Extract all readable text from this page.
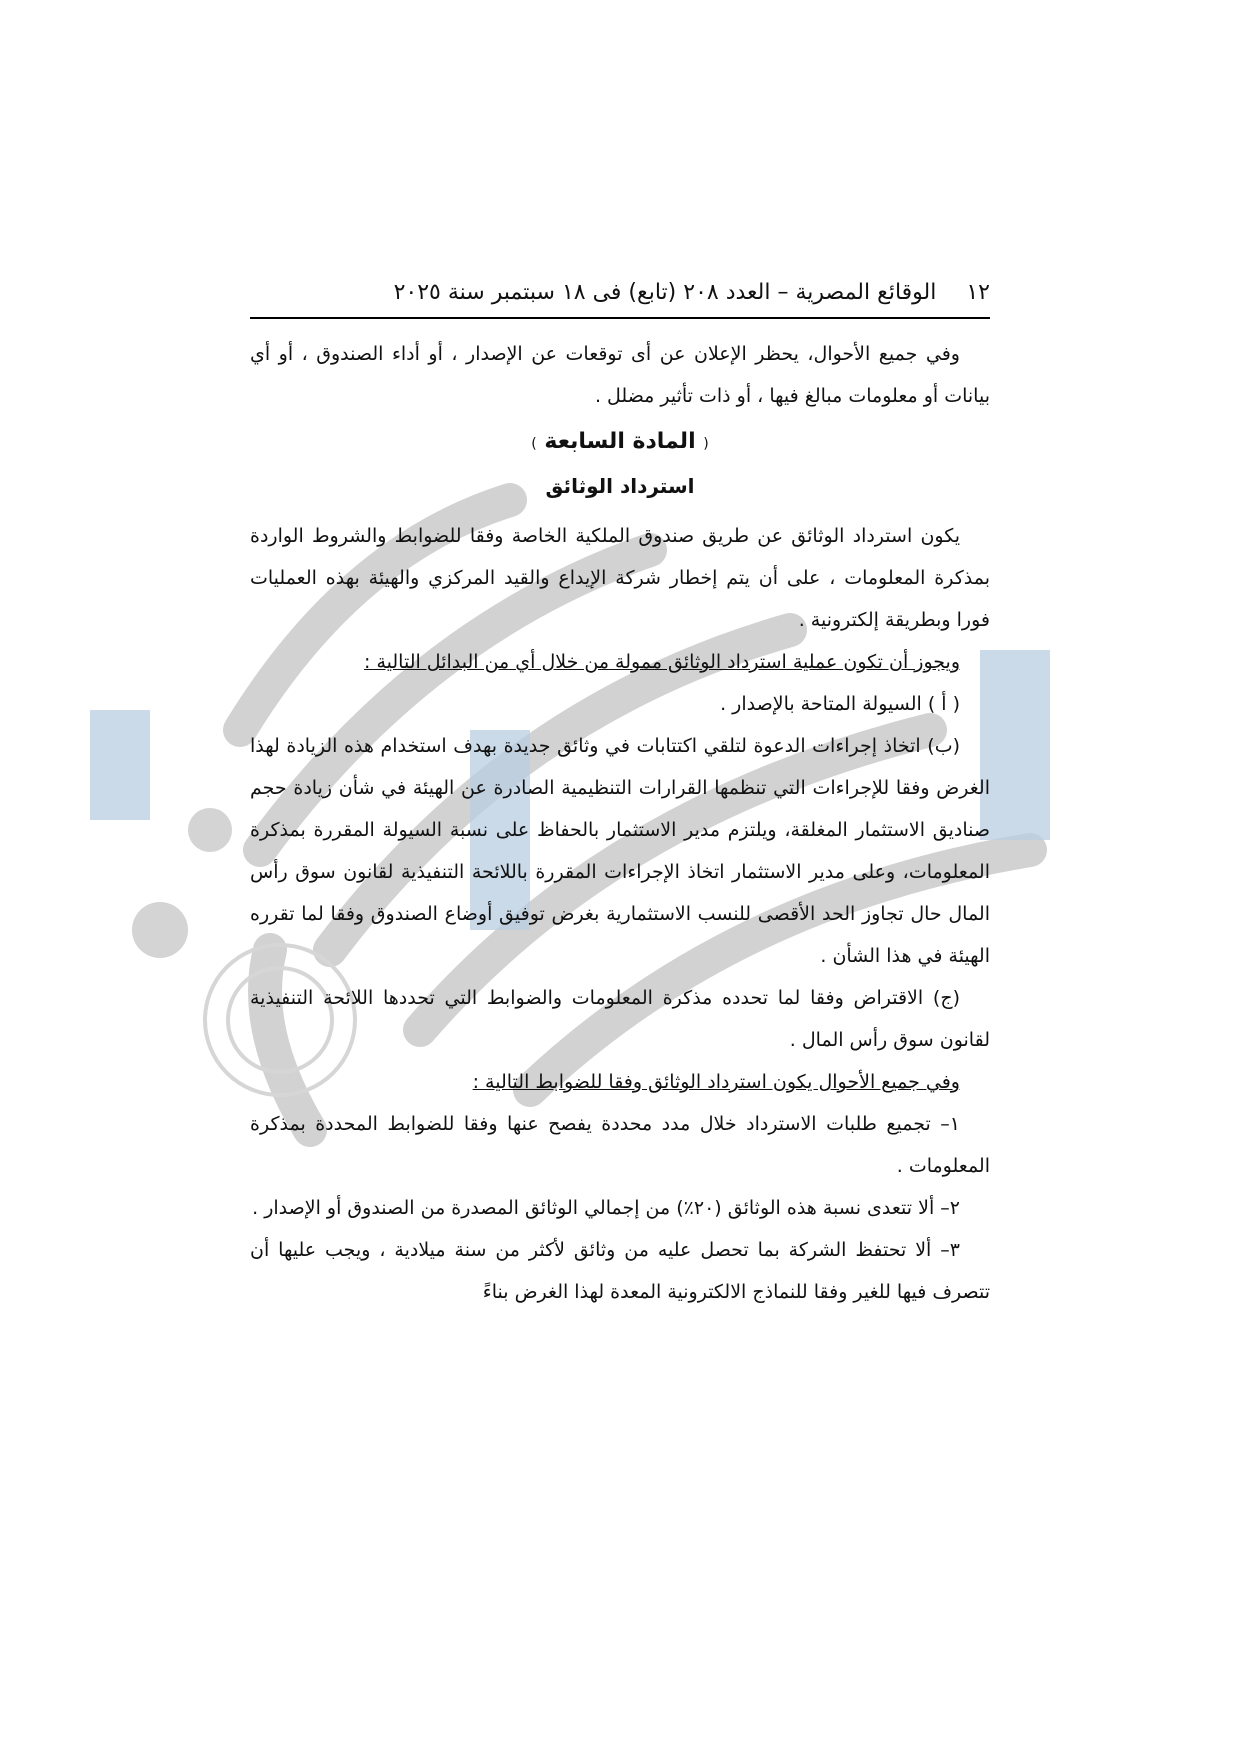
١٢
الوقائع المصرية – العدد ٢٠٨ (تابع) فى ١٨ سبتمبر سنة ٢٠٢٥

وفي جميع الأحوال، يحظر الإعلان عن أى توقعات عن الإصدار ، أو أداء الصندوق ، أو أي بيانات أو معلومات مبالغ فيها ، أو ذات تأثير مضلل .

( المادة السابعة )

استرداد الوثائق

يكون استرداد الوثائق عن طريق صندوق الملكية الخاصة وفقا للضوابط والشروط الواردة بمذكرة المعلومات ، على أن يتم إخطار شركة الإيداع والقيد المركزي والهيئة بهذه العمليات فورا وبطريقة إلكترونية .

ويجوز أن تكون عملية استرداد الوثائق ممولة من خلال أي من البدائل التالية :

( أ ) السيولة المتاحة بالإصدار .

(ب) اتخاذ إجراءات الدعوة لتلقي اكتتابات في وثائق جديدة بهدف استخدام هذه الزيادة لهذا الغرض وفقا للإجراءات التي تنظمها القرارات التنظيمية الصادرة عن الهيئة في شأن زيادة حجم صناديق الاستثمار المغلقة، ويلتزم مدير الاستثمار بالحفاظ على نسبة السيولة المقررة بمذكرة المعلومات، وعلى مدير الاستثمار اتخاذ الإجراءات المقررة باللائحة التنفيذية لقانون سوق رأس المال حال تجاوز الحد الأقصى للنسب الاستثمارية بغرض توفيق أوضاع الصندوق وفقا لما تقرره الهيئة في هذا الشأن .

(ج) الاقتراض وفقا لما تحدده مذكرة المعلومات والضوابط التي تحددها اللائحة التنفيذية لقانون سوق رأس المال .

وفي جميع الأحوال يكون استرداد الوثائق وفقا للضوابط التالية :

١– تجميع طلبات الاسترداد خلال مدد محددة يفصح عنها وفقا للضوابط المحددة بمذكرة المعلومات .

٢– ألا تتعدى نسبة هذه الوثائق (٢٠٪) من إجمالي الوثائق المصدرة من الصندوق أو الإصدار .

٣– ألا تحتفظ الشركة بما تحصل عليه من وثائق لأكثر من سنة ميلادية ، ويجب عليها أن تتصرف فيها للغير وفقا للنماذج الالكترونية المعدة لهذا الغرض بناءً
